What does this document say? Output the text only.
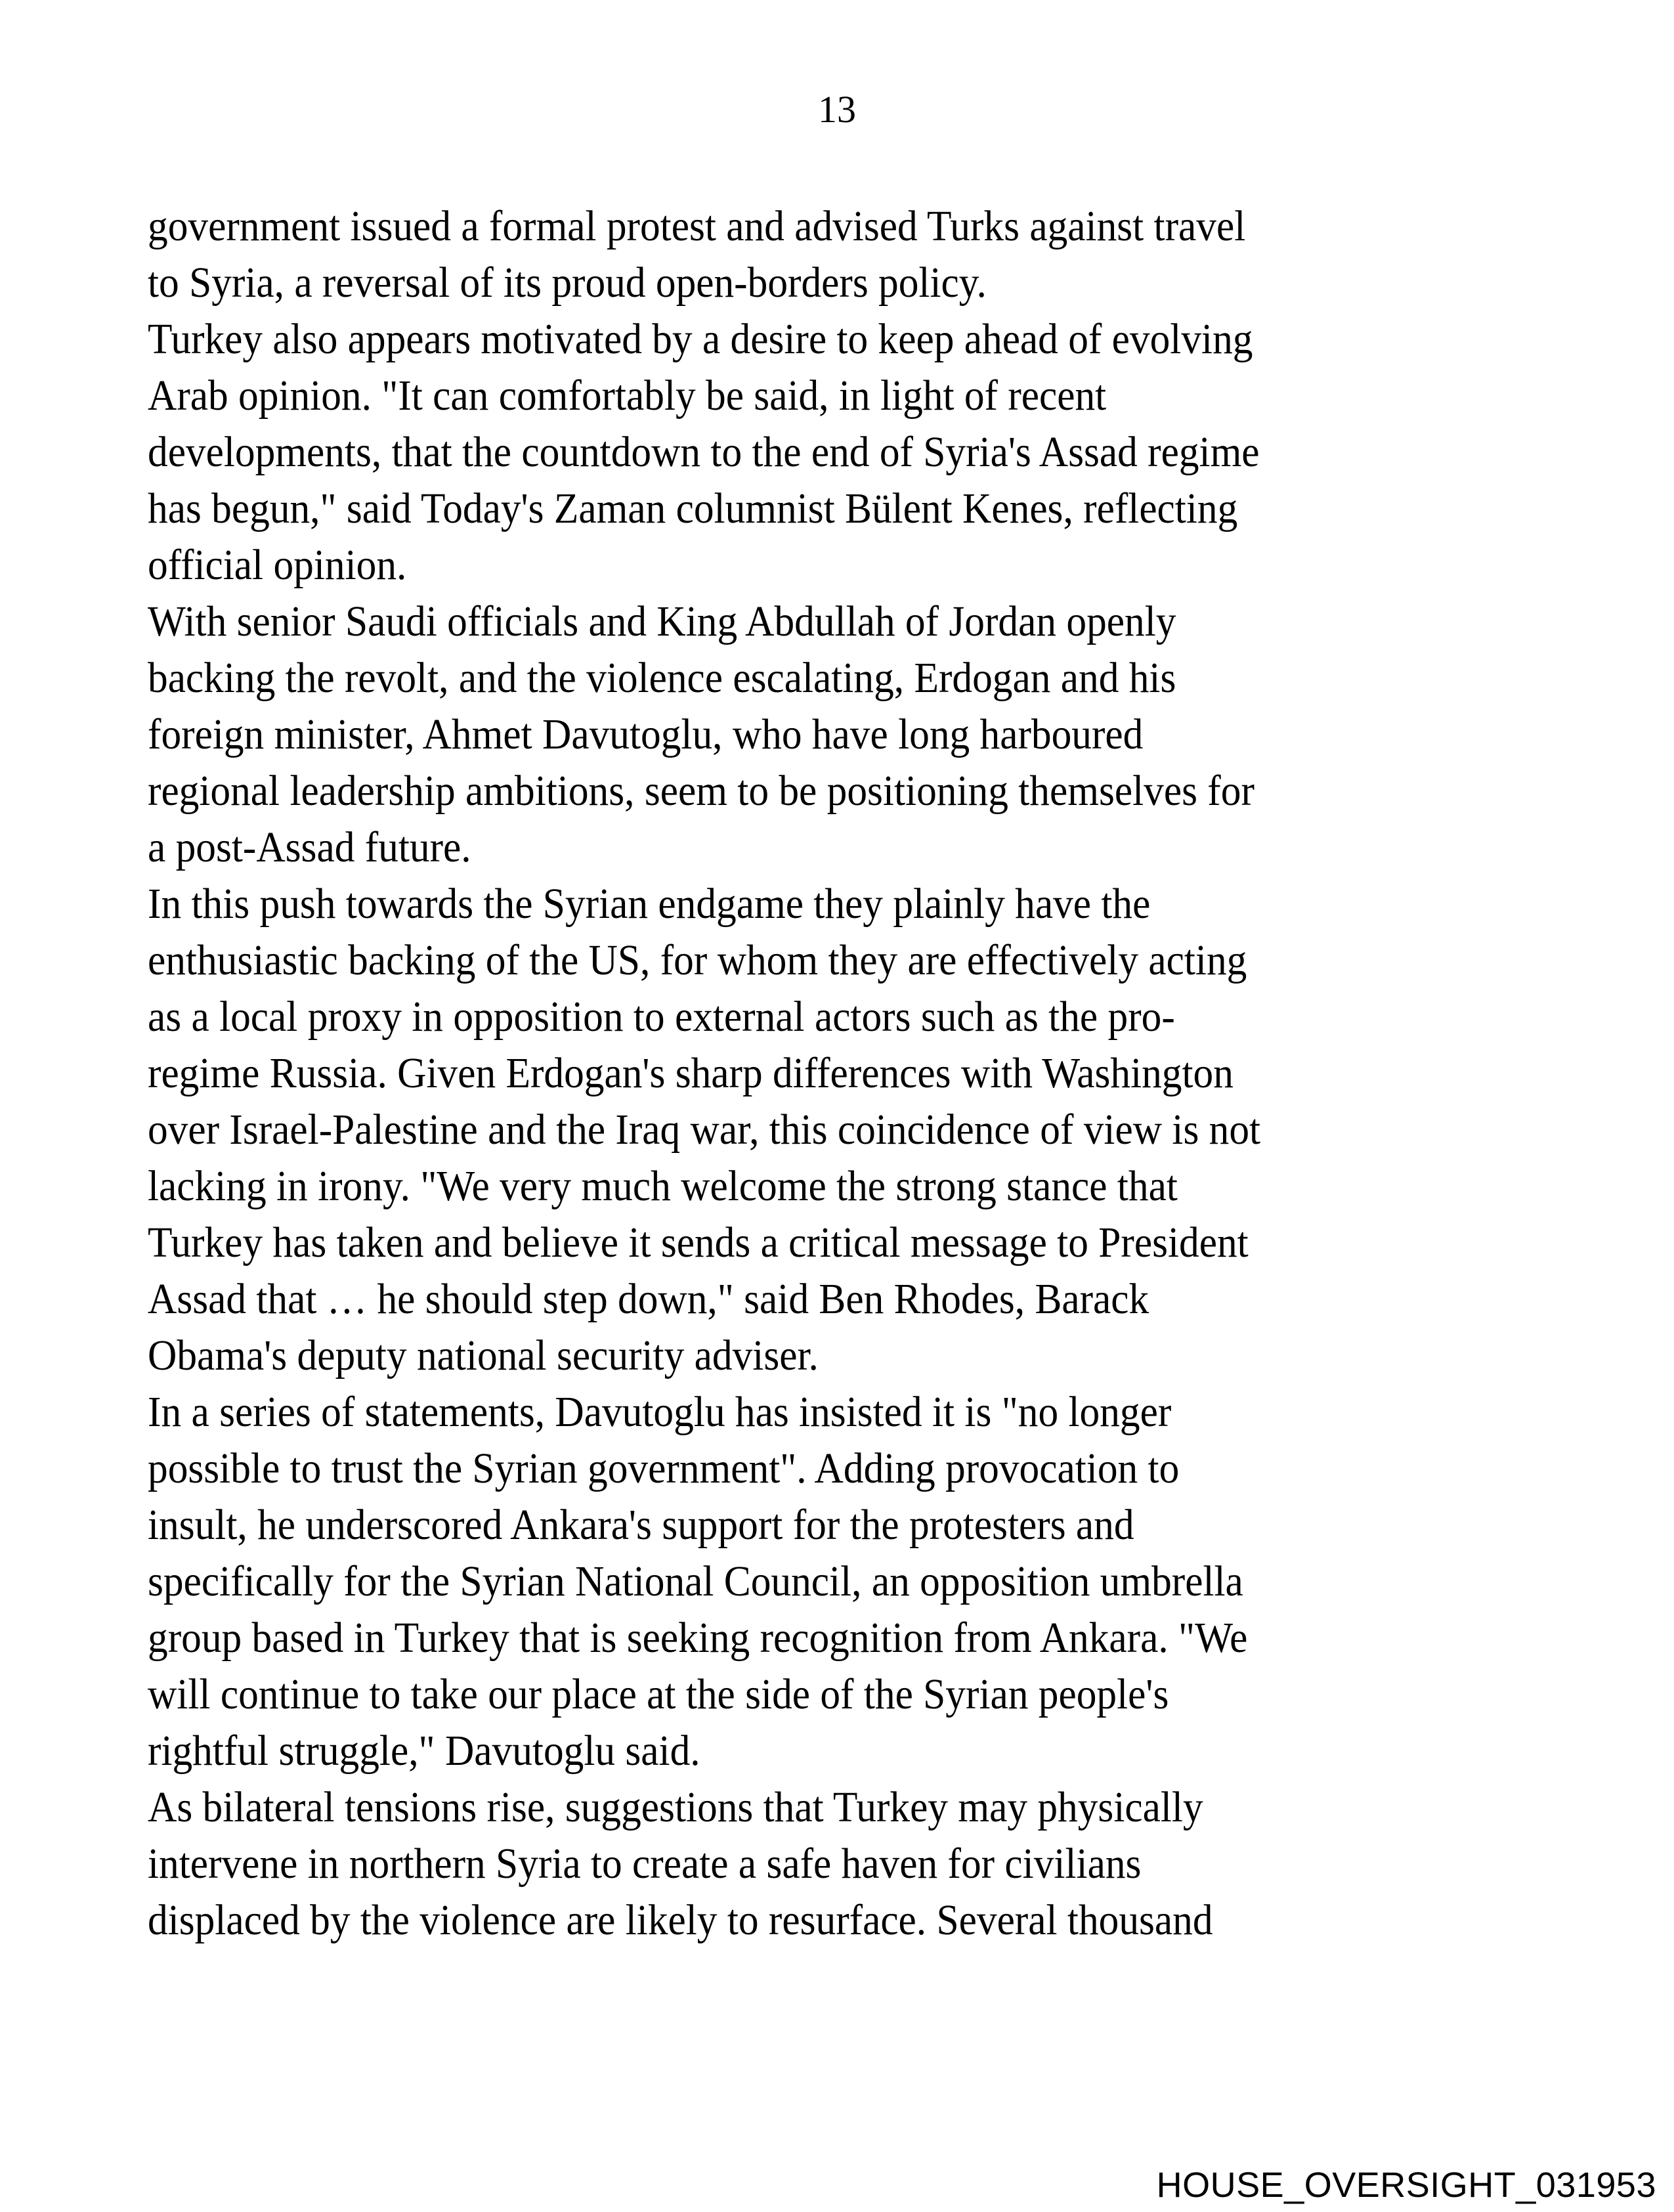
13
government issued a formal protest and advised Turks against travel
to Syria, a reversal of its proud open-borders policy.
Turkey also appears motivated by a desire to keep ahead of evolving
Arab opinion. "It can comfortably be said, in light of recent
developments, that the countdown to the end of Syria's Assad regime
has begun," said Today's Zaman columnist Bülent Kenes, reflecting
official opinion.
With senior Saudi officials and King Abdullah of Jordan openly
backing the revolt, and the violence escalating, Erdogan and his
foreign minister, Ahmet Davutoglu, who have long harboured
regional leadership ambitions, seem to be positioning themselves for
a post-Assad future.
In this push towards the Syrian endgame they plainly have the
enthusiastic backing of the US, for whom they are effectively acting
as a local proxy in opposition to external actors such as the pro-
regime Russia. Given Erdogan's sharp differences with Washington
over Israel-Palestine and the Iraq war, this coincidence of view is not
lacking in irony. "We very much welcome the strong stance that
Turkey has taken and believe it sends a critical message to President
Assad that … he should step down," said Ben Rhodes, Barack
Obama's deputy national security adviser.
In a series of statements, Davutoglu has insisted it is "no longer
possible to trust the Syrian government". Adding provocation to
insult, he underscored Ankara's support for the protesters and
specifically for the Syrian National Council, an opposition umbrella
group based in Turkey that is seeking recognition from Ankara. "We
will continue to take our place at the side of the Syrian people's
rightful struggle," Davutoglu said.
As bilateral tensions rise, suggestions that Turkey may physically
intervene in northern Syria to create a safe haven for civilians
displaced by the violence are likely to resurface. Several thousand
HOUSE_OVERSIGHT_031953
